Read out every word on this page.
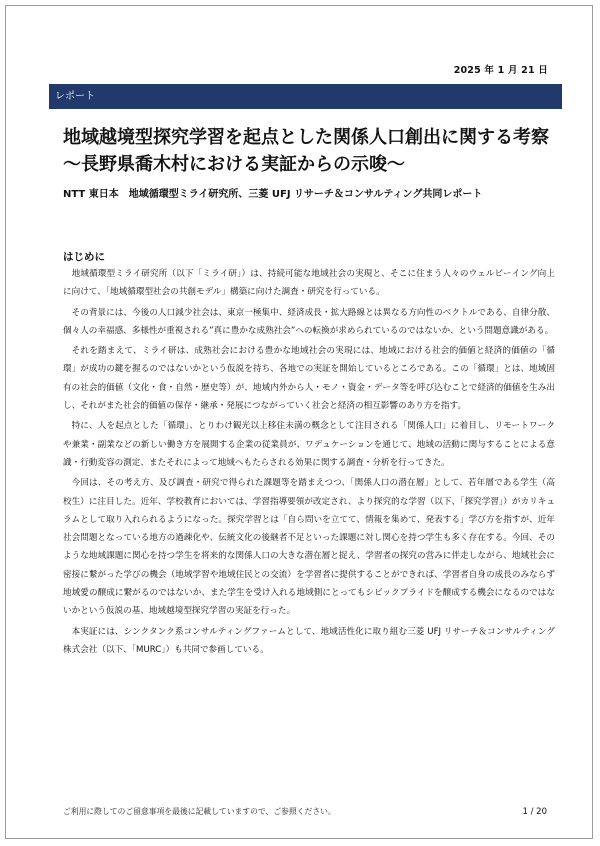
2025 年 1 月 21 日
レポート
地域越境型探究学習を起点とした関係人口創出に関する考察 ～長野県喬木村における実証からの示唆～
NTT 東日本　地域循環型ミライ研究所、三菱 UFJ リサーチ＆コンサルティング共同レポート
はじめに

地域循環型ミライ研究所（以下「ミライ研」）は、持続可能な地域社会の実現と、そこに住まう人々のウェルビーイング向上に向けて、「地域循環型社会の共創モデル」構築に向けた調査・研究を行っている。

その背景には、今後の人口減少社会は、東京一極集中、経済成長・拡大路線とは異なる方向性のベクトルである、自律分散、個々人の幸福感、多様性が重視される”真に豊かな成熟社会”への転換が求められているのではないか、という問題意識がある。

それを踏まえて、ミライ研は、成熟社会における豊かな地域社会の実現には、地域における社会的価値と経済的価値の「循環」が成功の鍵を握るのではないかという仮説を持ち、各地での実証を開始しているところである。この「循環」とは、地域固有の社会的価値（文化・食・自然・歴史等）が、地域内外から人・モノ・資金・データ等を呼び込むことで経済的価値を生み出し、それがまた社会的価値の保存・継承・発展につながっていく社会と経済の相互影響のあり方を指す。

特に、人を起点とした「循環」、とりわけ観光以上移住未満の概念として注目される「関係人口」に着目し、リモートワークや兼業・副業などの新しい働き方を展開する企業の従業員が、ワデュケーションを通じて、地域の活動に関与することによる意識・行動変容の測定、またそれによって地域へもたらされる効果に関する調査・分析を行ってきた。

今回は、その考え方、及び調査・研究で得られた課題等を踏まえつつ、「関係人口の潜在層」として、若年層である学生（高校生）に注目した。近年、学校教育においては、学習指導要領が改定され、より探究的な学習（以下、「探究学習」）がカリキュラムとして取り入れられるようになった。探究学習とは「自ら問いを立てて、情報を集めて、発表する」学び方を指すが、近年社会問題となっている地方の過疎化や、伝統文化の後継者不足といった課題に対し関心を持つ学生も多く存在する。今回、そのような地域課題に関心を持つ学生を将来的な関係人口の大きな潜在層と捉え、学習者の探究の営みに伴走しながら、地域社会に密接に繋がった学びの機会（地域学習や地域住民との交流）を学習者に提供することができれば、学習者自身の成長のみならず地域愛の醸成に繋がるのではないか、また学生を受け入れる地域側にとってもシビックプライドを醸成する機会になるのではないかという仮説の基、地域越境型探究学習の実証を行った。

本実証には、シンクタンク系コンサルティングファームとして、地域活性化に取り組む三菱 UFJ リサーチ＆コンサルティング株式会社（以下、「MURC」）も共同で参画している。

ご利用に際してのご留意事項を最後に記載していますので、ご参照ください。	1 / 20
